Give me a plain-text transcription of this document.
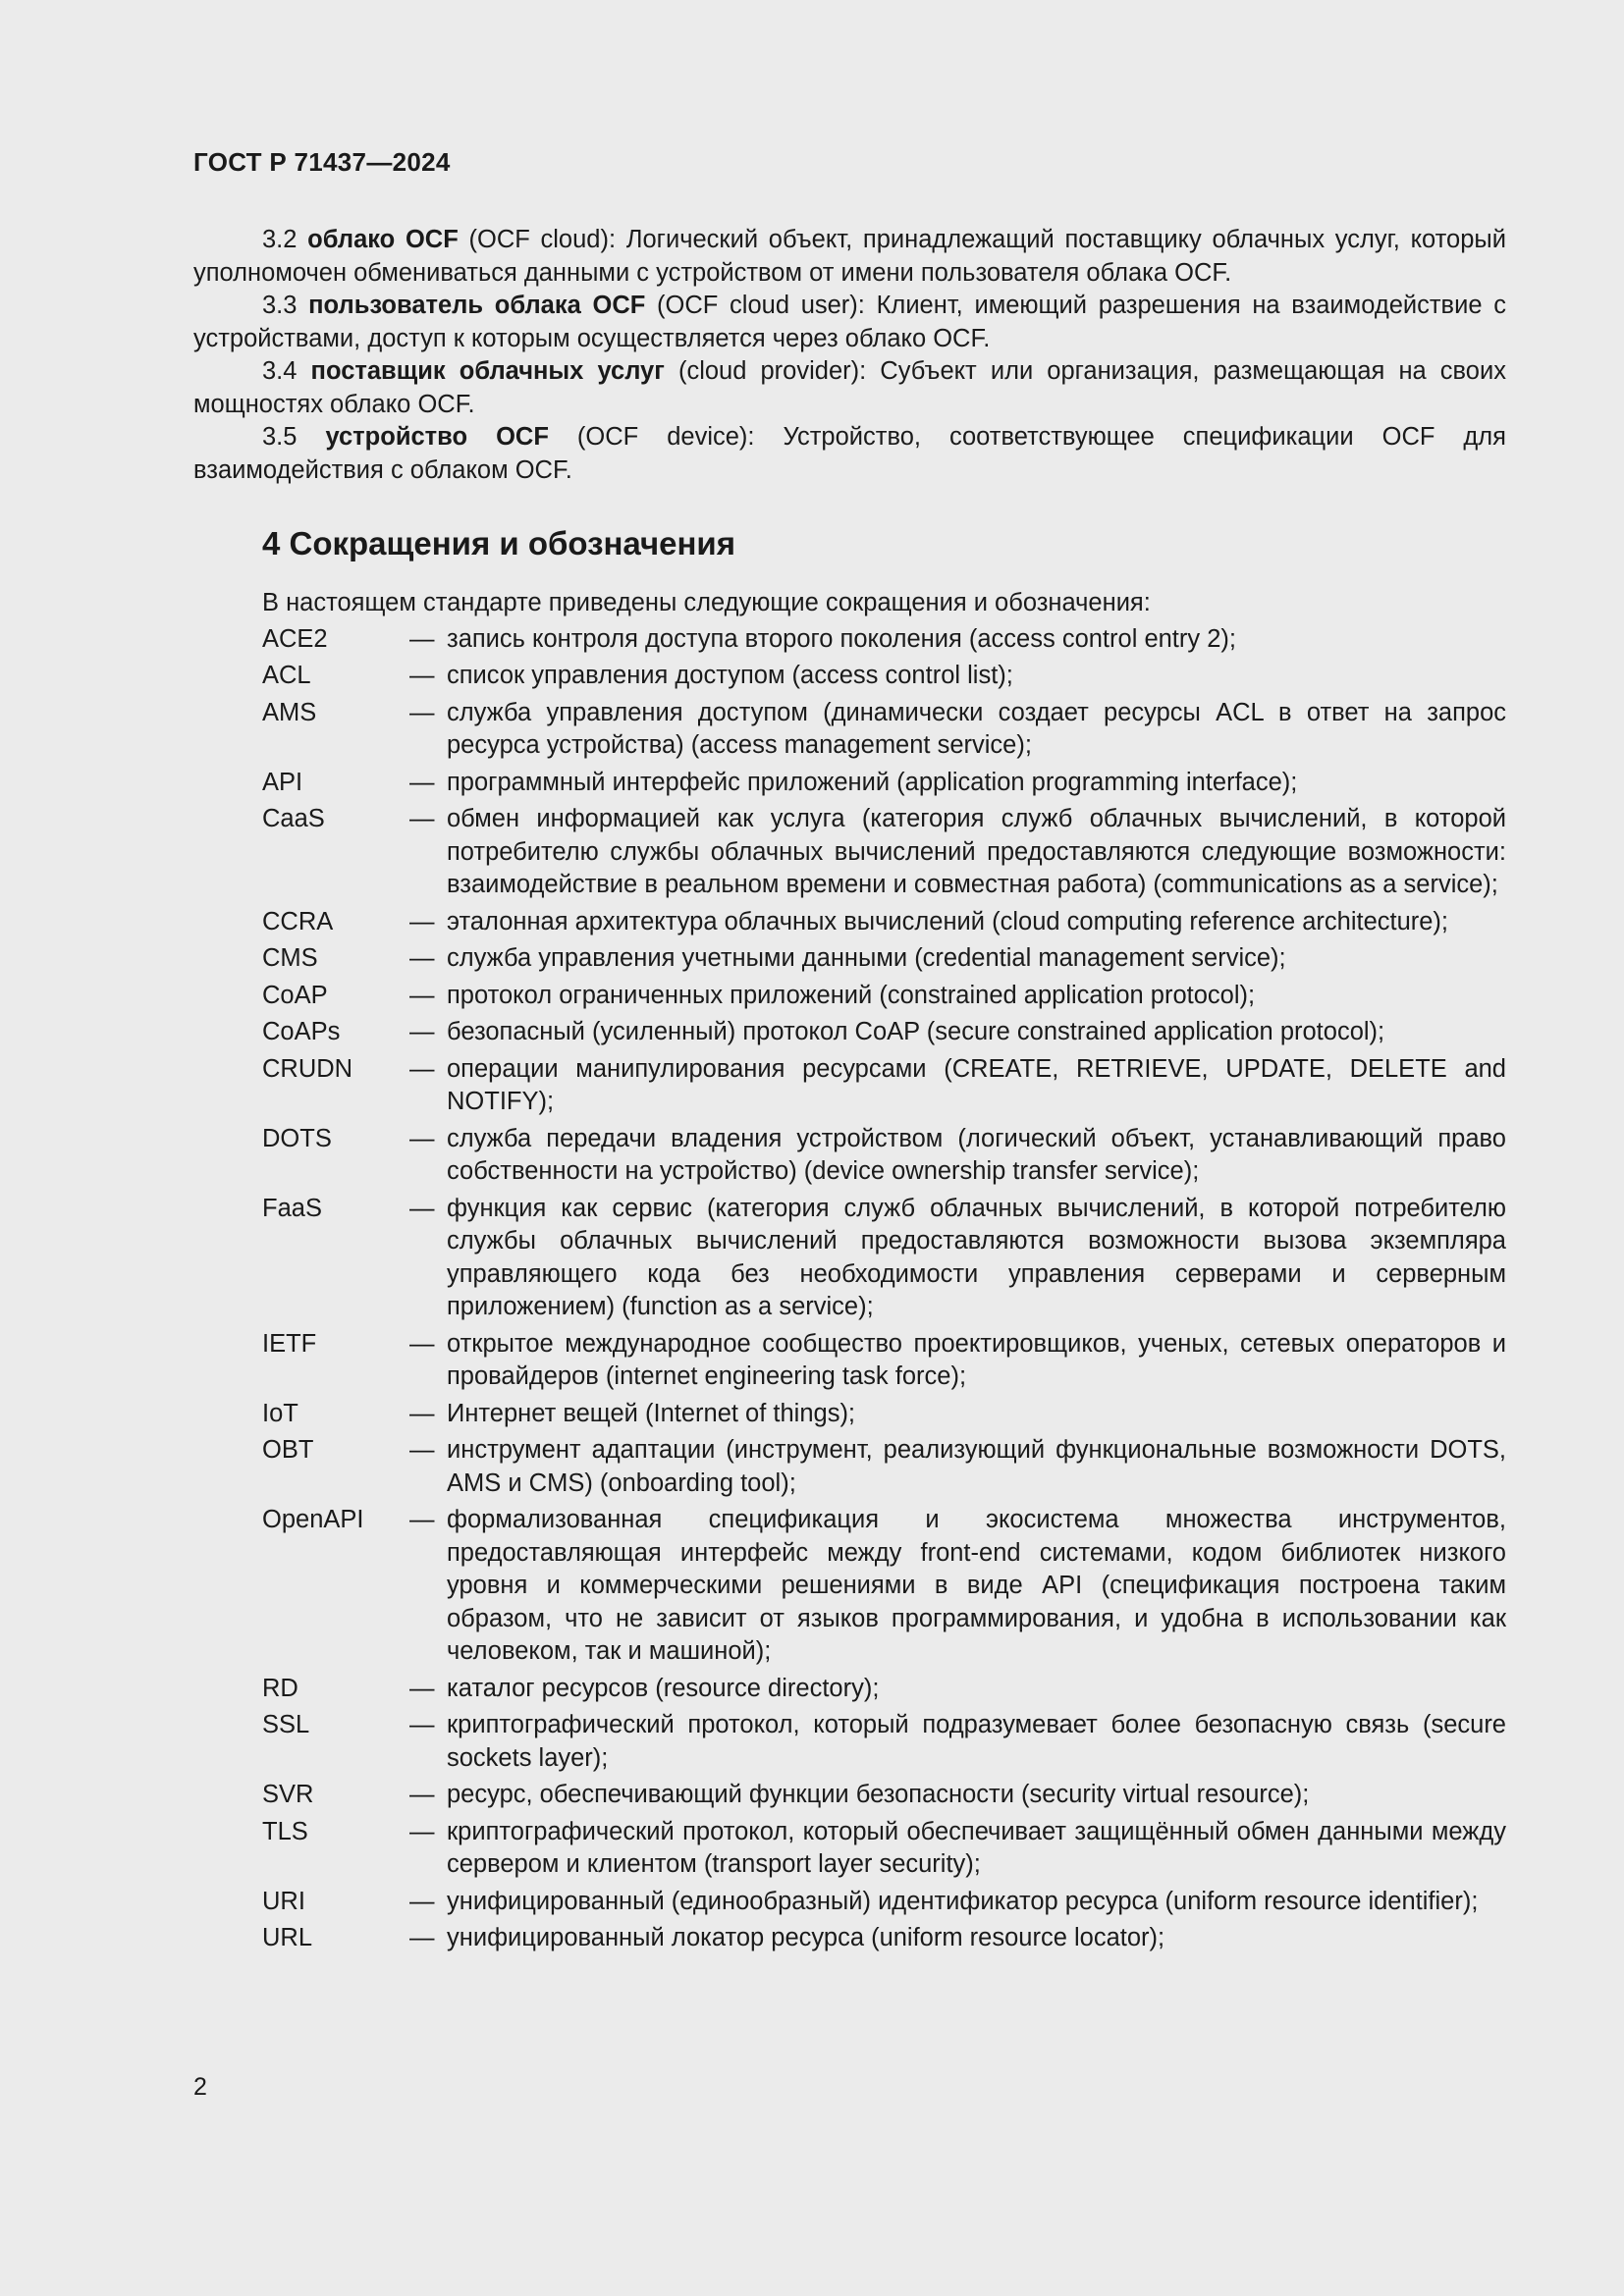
ГОСТ Р 71437—2024

3.2 облако OCF (OCF cloud): Логический объект, принадлежащий поставщику облачных услуг, который уполномочен обмениваться данными с устройством от имени пользователя облака OCF.

3.3 пользователь облака OCF (OCF cloud user): Клиент, имеющий разрешения на взаимодействие с устройствами, доступ к которым осуществляется через облако OCF.

3.4 поставщик облачных услуг (cloud provider): Субъект или организация, размещающая на своих мощностях облако OCF.

3.5 устройство OCF (OCF device): Устройство, соответствующее спецификации OCF для взаимодействия с облаком OCF.

4 Сокращения и обозначения

В настоящем стандарте приведены следующие сокращения и обозначения:

ACE2	— запись контроля доступа второго поколения (access control entry 2);
ACL	— список управления доступом (access control list);
AMS	— служба управления доступом (динамически создает ресурсы ACL в ответ на запрос ресурса устройства) (access management service);
API	— программный интерфейс приложений (application programming interface);
CaaS	— обмен информацией как услуга (категория служб облачных вычислений, в которой потребителю службы облачных вычислений предоставляются следующие возможности: взаимодействие в реальном времени и совместная работа) (communications as a service);
CCRA	— эталонная архитектура облачных вычислений (cloud computing reference architecture);
CMS	— служба управления учетными данными (credential management service);
CoAP	— протокол ограниченных приложений (constrained application protocol);
CoAPs	— безопасный (усиленный) протокол CoAP (secure constrained application protocol);
CRUDN	— операции манипулирования ресурсами (CREATE, RETRIEVE, UPDATE, DELETE and NOTIFY);
DOTS	— служба передачи владения устройством (логический объект, устанавливающий право собственности на устройство) (device ownership transfer service);
FaaS	— функция как сервис (категория служб облачных вычислений, в которой потребителю службы облачных вычислений предоставляются возможности вызова экземпляра управляющего кода без необходимости управления серверами и серверным приложением) (function as a service);
IETF	— открытое международное сообщество проектировщиков, ученых, сетевых операторов и провайдеров (internet engineering task force);
IoT	— Интернет вещей (Internet of things);
OBT	— инструмент адаптации (инструмент, реализующий функциональные возможности DOTS, AMS и CMS) (onboarding tool);
OpenAPI	— формализованная спецификация и экосистема множества инструментов, предоставляющая интерфейс между front-end системами, кодом библиотек низкого уровня и коммерческими решениями в виде API (спецификация построена таким образом, что не зависит от языков программирования, и удобна в использовании как человеком, так и машиной);
RD	— каталог ресурсов (resource directory);
SSL	— криптографический протокол, который подразумевает более безопасную связь (secure sockets layer);
SVR	— ресурс, обеспечивающий функции безопасности (security virtual resource);
TLS	— криптографический протокол, который обеспечивает защищённый обмен данными между сервером и клиентом (transport layer security);
URI	— унифицированный (единообразный) идентификатор ресурса (uniform resource identifier);
URL	— унифицированный локатор ресурса (uniform resource locator);
2
